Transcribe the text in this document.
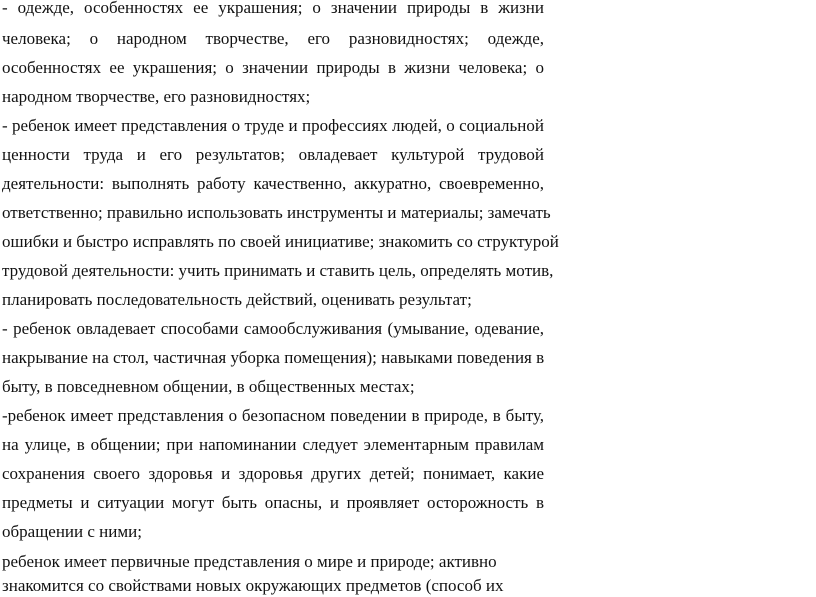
- одежде, особенностях ее украшения; о значении природы в жизни
человека; о народном творчестве, его разновидностях; одежде,
особенностях ее украшения; о значении природы в жизни человека; о
народном творчестве, его разновидностях;
- ребенок имеет представления о труде и профессиях людей, о социальной
ценности труда и его результатов; овладевает культурой трудовой
деятельности: выполнять работу качественно, аккуратно, своевременно,
ответственно; правильно использовать инструменты и материалы; замечать
ошибки и быстро исправлять по своей инициативе; знакомить со структурой
трудовой деятельности: учить принимать и ставить цель, определять мотив,
планировать последовательность действий, оценивать результат;
- ребенок овладевает способами самообслуживания (умывание, одевание,
накрывание на стол, частичная уборка помещения); навыками поведения в
быту, в повседневном общении, в общественных местах;
-ребенок имеет представления о безопасном поведении в природе, в быту,
на улице, в общении; при напоминании следует элементарным правилам
сохранения своего здоровья и здоровья других детей; понимает, какие
предметы и ситуации могут быть опасны, и проявляет осторожность в
обращении с ними;
ребенок имеет первичные представления о мире и природе; активно
знакомится со свойствами новых окружающих предметов (способ их
